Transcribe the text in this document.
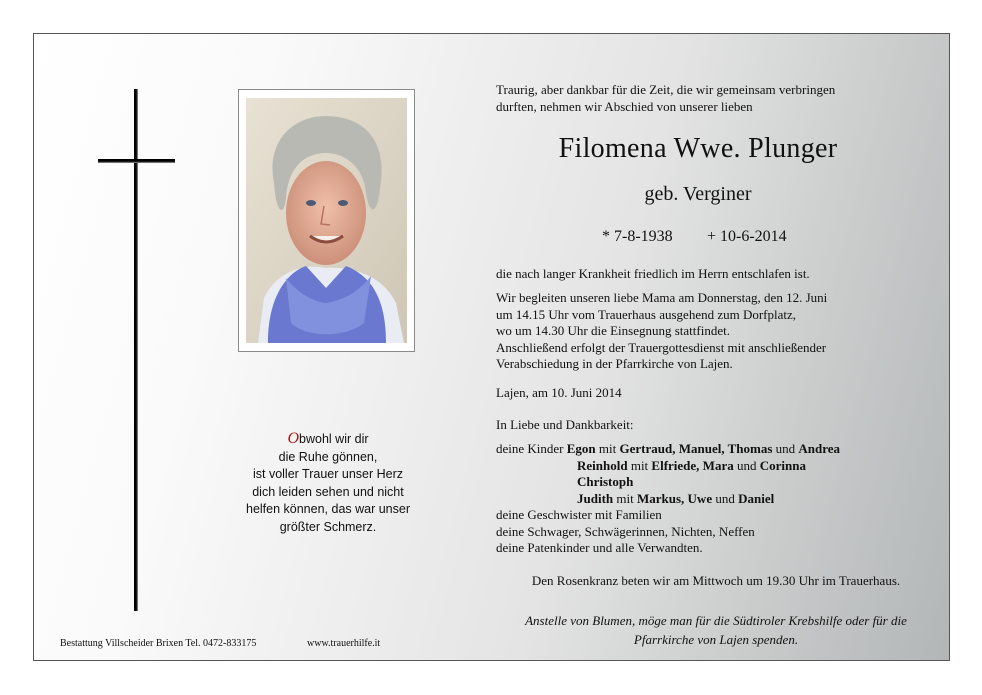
Obwohl wir dir
die Ruhe gönnen,
ist voller Trauer unser Herz
dich leiden sehen und nicht
helfen können, das war unser
größter Schmerz.
Bestattung Villscheider Brixen Tel. 0472-833175	www.trauerhilfe.it
Traurig, aber dankbar für die Zeit, die wir gemeinsam verbringen
durften, nehmen wir Abschied von unserer lieben
Filomena Wwe. Plunger
geb. Verginer
* 7-8-1938 + 10-6-2014
die nach langer Krankheit friedlich im Herrn entschlafen ist.
Wir begleiten unseren liebe Mama am Donnerstag, den 12. Juni
um 14.15 Uhr vom Trauerhaus ausgehend zum Dorfplatz,
wo um 14.30 Uhr die Einsegnung stattfindet.
Anschließend erfolgt der Trauergottesdienst mit anschließender
Verabschiedung in der Pfarrkirche von Lajen.
Lajen, am 10. Juni 2014
In Liebe und Dankbarkeit:
deine Kinder Egon mit Gertraud, Manuel, Thomas und Andrea
Reinhold mit Elfriede, Mara und Corinna
Christoph
Judith mit Markus, Uwe und Daniel
deine Geschwister mit Familien
deine Schwager, Schwägerinnen, Nichten, Neffen
deine Patenkinder und alle Verwandten.
Den Rosenkranz beten wir am Mittwoch um 19.30 Uhr im Trauerhaus.
Anstelle von Blumen, möge man für die Südtiroler Krebshilfe oder für die
Pfarrkirche von Lajen spenden.
